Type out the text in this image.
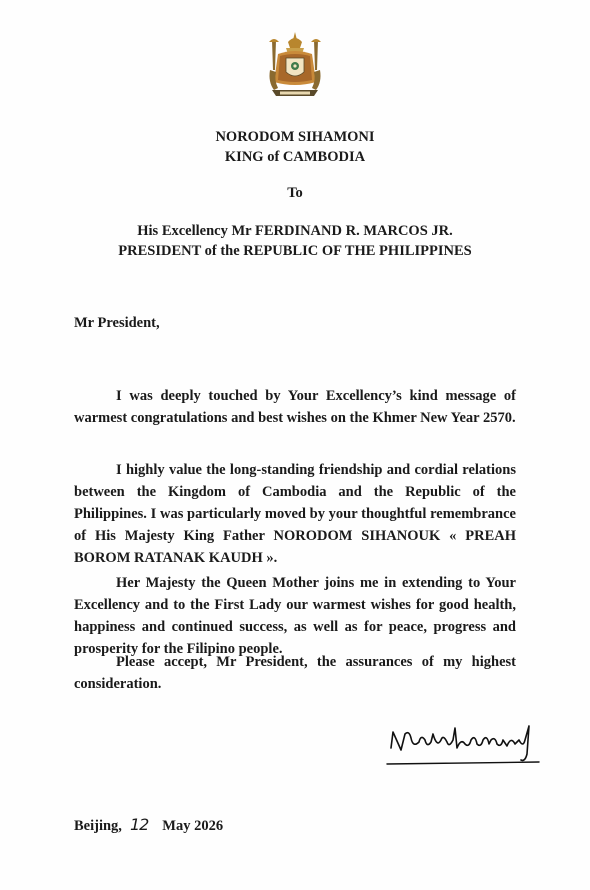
NORODOM SIHAMONI
KING of CAMBODIA
To
His Excellency Mr FERDINAND R. MARCOS JR.
PRESIDENT of the REPUBLIC OF THE PHILIPPINES
Mr President,
I was deeply touched by Your Excellency’s kind message of warmest congratulations and best wishes on the Khmer New Year 2570.
I highly value the long-standing friendship and cordial relations between the Kingdom of Cambodia and the Republic of the Philippines. I was particularly moved by your thoughtful remembrance of His Majesty King Father NORODOM SIHANOUK « PREAH BOROM RATANAK KAUDH ».
Her Majesty the Queen Mother joins me in extending to Your Excellency and to the First Lady our warmest wishes for good health, happiness and continued success, as well as for peace, progress and prosperity for the Filipino people.
Please accept, Mr President, the assurances of my highest consideration.
Beijing, 12 May 2026
